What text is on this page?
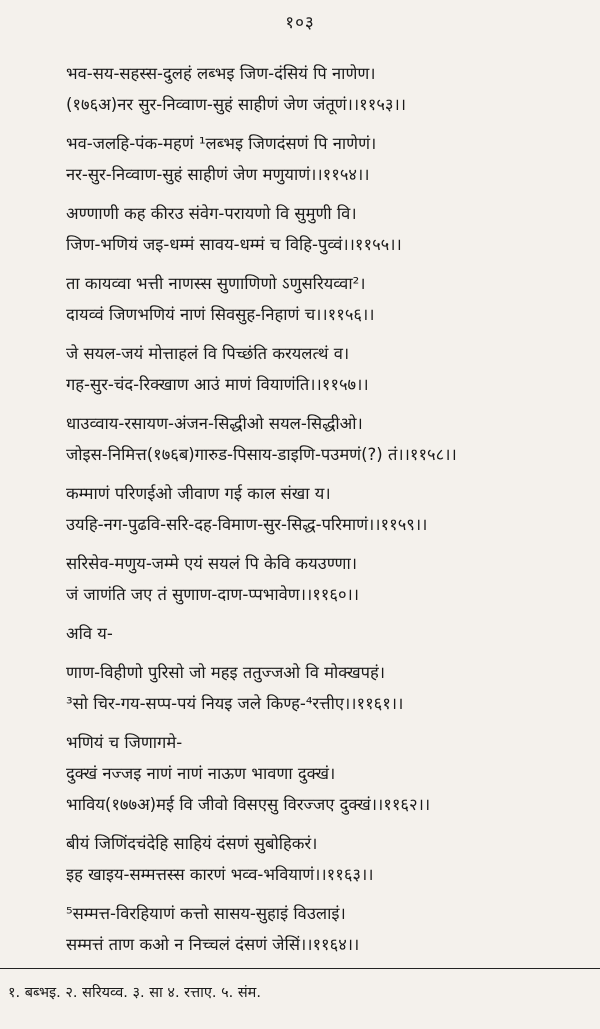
१०३
भव-सय-सहस्स-दुलहं लब्भइ जिण-दंसियं पि नाणेण।
(१७६अ)नर सुर-निव्वाण-सुहं साहीणं जेण जंतूणं।।११५३।।
भव-जलहि-पंक-महणं ¹लब्भइ जिणदंसणं पि नाणेणं।
नर-सुर-निव्वाण-सुहं साहीणं जेण मणुयाणं।।११५४।।
अण्णाणी कह कीरउ संवेग-परायणो वि सुमुणी वि।
जिण-भणियं जइ-धम्मं सावय-धम्मं च विहि-पुव्वं।।११५५।।
ता कायव्वा भत्ती नाणस्स सुणाणिणो ऽणुसरियव्वा²।
दायव्वं जिणभणियं नाणं सिवसुह-निहाणं च।।११५६।।
जे सयल-जयं मोत्ताहलं वि पिच्छंति करयलत्थं व।
गह-सुर-चंद-रिक्खाण आउं माणं वियाणंति।।११५७।।
धाउव्वाय-रसायण-अंजन-सिद्धीओ सयल-सिद्धीओ।
जोइस-निमित्त(१७६ब)गारुड-पिसाय-डाइणि-पउमणं(?) तं।।११५८।।
कम्माणं परिणईओ जीवाण गई काल संखा य।
उयहि-नग-पुढवि-सरि-दह-विमाण-सुर-सिद्ध-परिमाणं।।११५९।।
सरिसेव-मणुय-जम्मे एयं सयलं पि केवि कयउण्णा।
जं जाणंति जए तं सुणाण-दाण-प्पभावेण।।११६०।।
अवि य-
णाण-विहीणो पुरिसो जो महइ ततुज्जओ वि मोक्खपहं।
³सो चिर-गय-सप्प-पयं नियइ जले किण्ह-⁴रत्तीए।।११६१।।
भणियं च जिणागमे-
दुक्खं नज्जइ नाणं नाणं नाऊण भावणा दुक्खं।
भाविय(१७७अ)मई वि जीवो विसएसु विरज्जए दुक्खं।।११६२।।
बीयं जिणिंदचंदेहि साहियं दंसणं सुबोहिकरं।
इह खाइय-सम्मत्तस्स कारणं भव्व-भवियाणं।।११६३।।
⁵सम्मत्त-विरहियाणं कत्तो सासय-सुहाइं विउलाइं।
सम्मत्तं ताण कओ न निच्चलं दंसणं जेसिं।।११६४।।
१. बब्भइ. २. सरियव्व. ३. सा ४. रत्ताए. ५. संम.
